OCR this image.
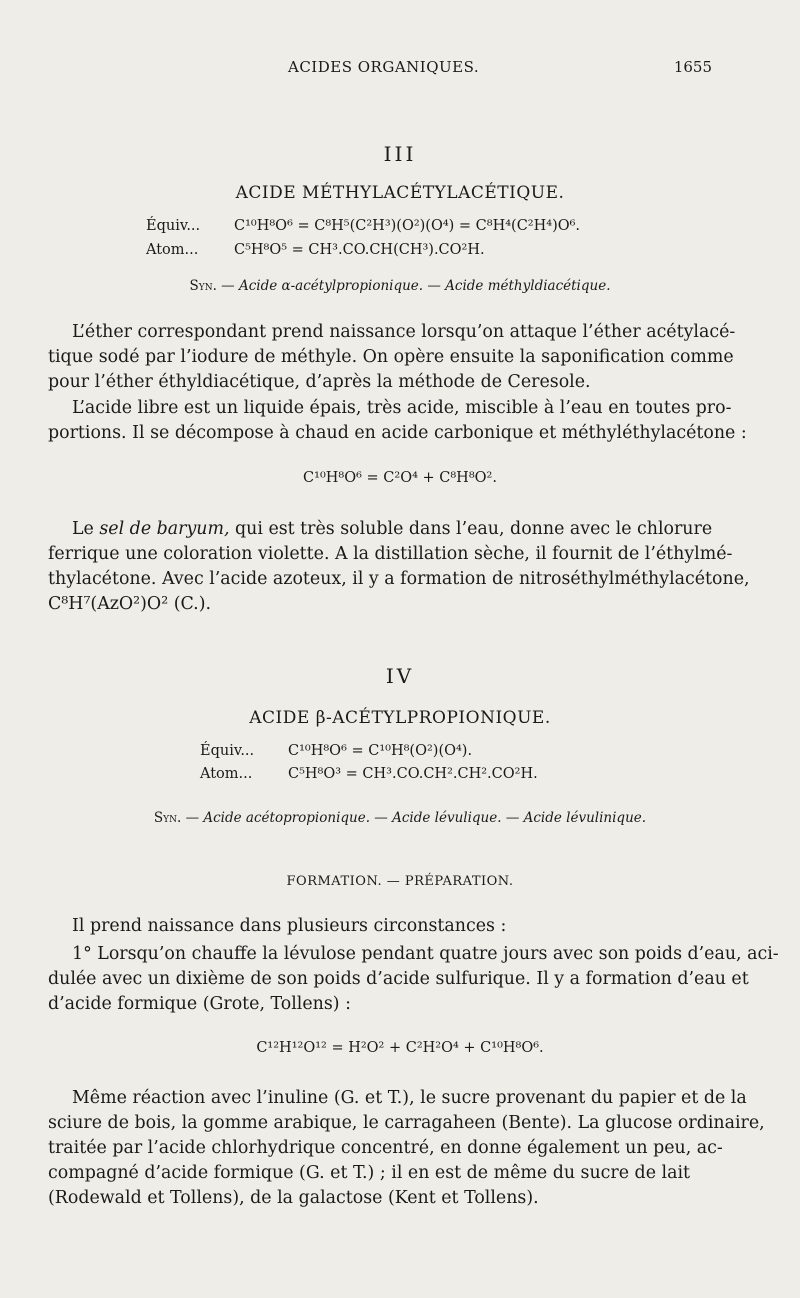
ACIDES ORGANIQUES.	1655
III
ACIDE MÉTHYLACÉTYLACÉTIQUE.
Équiv... C¹⁰H⁸O⁶ = C⁸H⁵(C²H³)(O²)(O⁴) = C⁸H⁴(C²H⁴)O⁶.
Atom... C⁵H⁸O⁵ = CH³.CO.CH(CH³).CO²H.
Syn. — Acide α-acétylpropionique. — Acide méthyldiacétique.
L’éther correspondant prend naissance lorsqu’on attaque l’éther acétylacé-
tique sodé par l’iodure de méthyle. On opère ensuite la saponification comme
pour l’éther éthyldiacétique, d’après la méthode de Ceresole.
L’acide libre est un liquide épais, très acide, miscible à l’eau en toutes pro-
portions. Il se décompose à chaud en acide carbonique et méthyléthylacétone :
C¹⁰H⁸O⁶ = C²O⁴ + C⁸H⁸O².
Le sel de baryum, qui est très soluble dans l’eau, donne avec le chlorure
ferrique une coloration violette. A la distillation sèche, il fournit de l’éthylmé-
thylacétone. Avec l’acide azoteux, il y a formation de nitroséthylméthylacétone,
C⁸H⁷(AzO²)O² (C.).
IV
ACIDE β-ACÉTYLPROPIONIQUE.
Équiv... C¹⁰H⁸O⁶ = C¹⁰H⁸(O²)(O⁴).
Atom... C⁵H⁸O³ = CH³.CO.CH².CH².CO²H.
Syn. — Acide acétopropionique. — Acide lévulique. — Acide lévulinique.
FORMATION. — PRÉPARATION.
Il prend naissance dans plusieurs circonstances :
1° Lorsqu’on chauffe la lévulose pendant quatre jours avec son poids d’eau, aci-
dulée avec un dixième de son poids d’acide sulfurique. Il y a formation d’eau et
d’acide formique (Grote, Tollens) :
C¹²H¹²O¹² = H²O² + C²H²O⁴ + C¹⁰H⁸O⁶.
Même réaction avec l’inuline (G. et T.), le sucre provenant du papier et de la
sciure de bois, la gomme arabique, le carragaheen (Bente). La glucose ordinaire,
traitée par l’acide chlorhydrique concentré, en donne également un peu, ac-
compagné d’acide formique (G. et T.) ; il en est de même du sucre de lait
(Rodewald et Tollens), de la galactose (Kent et Tollens).
